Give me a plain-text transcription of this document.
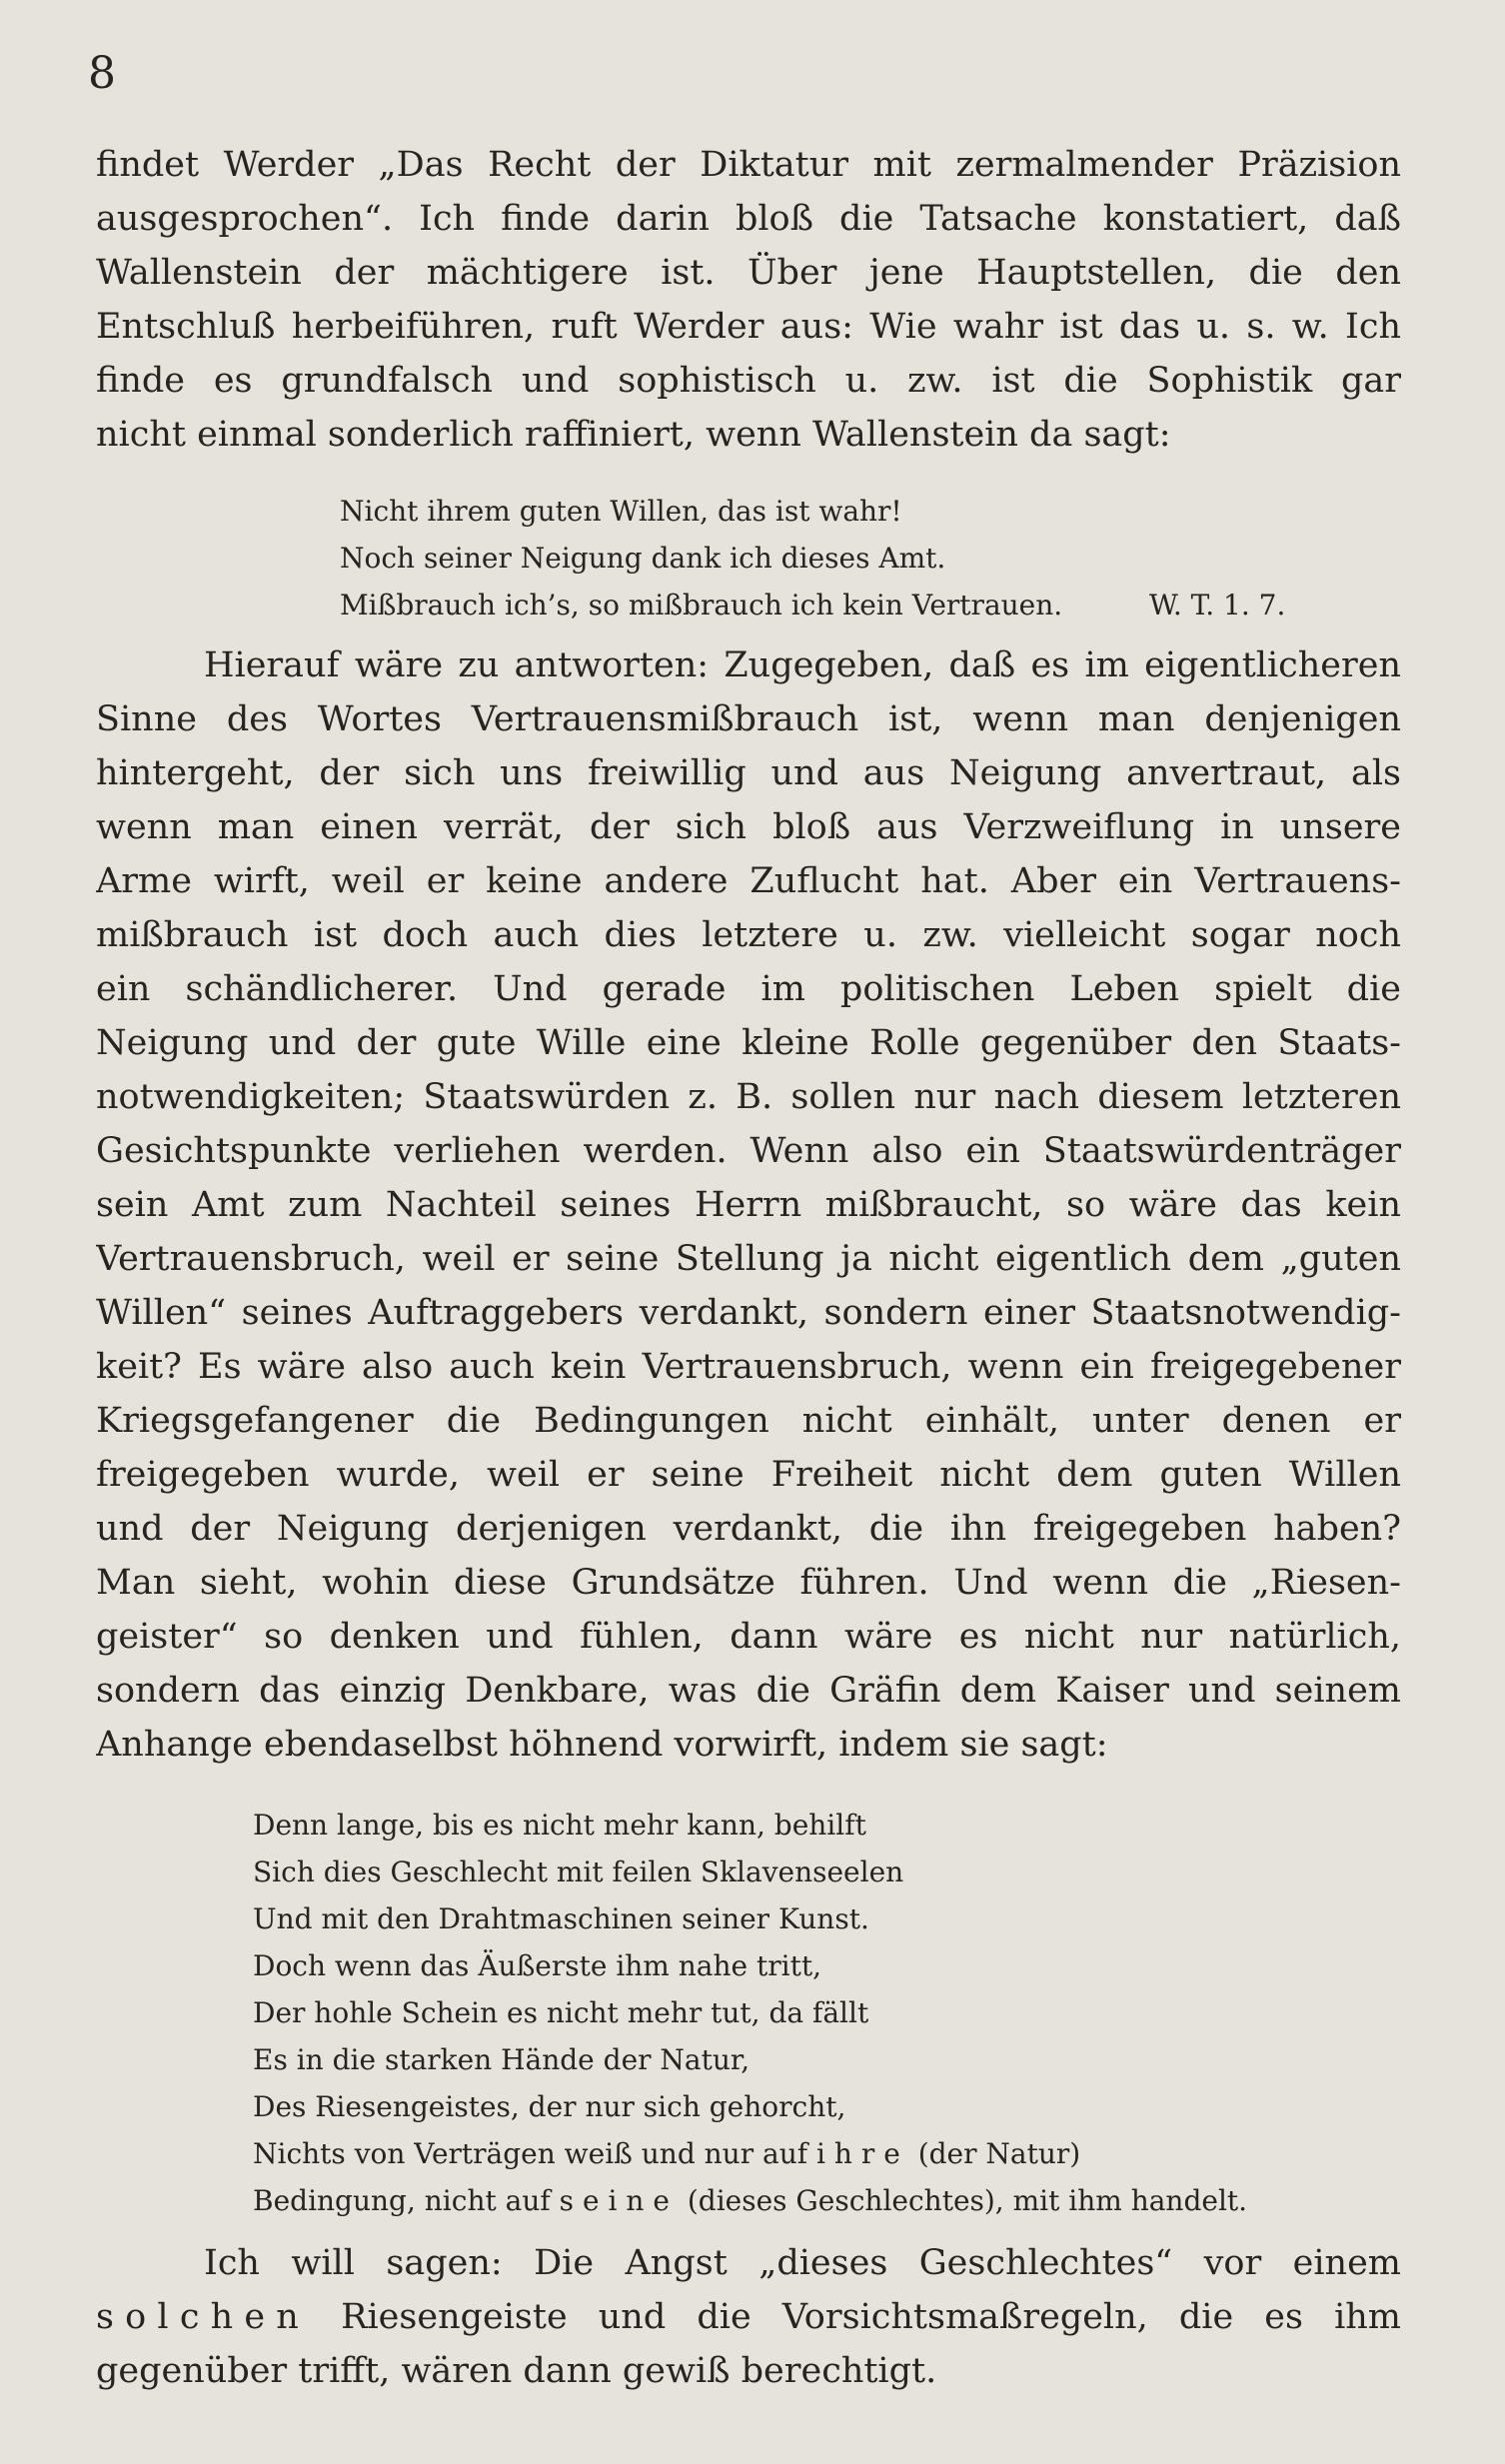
8

findet Werder „Das Recht der Diktatur mit zermalmender Präzision
ausgesprochen“. Ich finde darin bloß die Tatsache konstatiert, daß
Wallenstein der mächtigere ist. Über jene Hauptstellen, die den
Entschluß herbeiführen, ruft Werder aus: Wie wahr ist das u. s. w. Ich
finde es grundfalsch und sophistisch u. zw. ist die Sophistik gar
nicht einmal sonderlich raffiniert, wenn Wallenstein da sagt:

Nicht ihrem guten Willen, das ist wahr!
Noch seiner Neigung dank ich dieses Amt.
Mißbrauch ich’s, so mißbrauch ich kein Vertrauen.	W. T. 1. 7.

Hierauf wäre zu antworten: Zugegeben, daß es im eigentlicheren
Sinne des Wortes Vertrauensmißbrauch ist, wenn man denjenigen
hintergeht, der sich uns freiwillig und aus Neigung anvertraut, als
wenn man einen verrät, der sich bloß aus Verzweiflung in unsere
Arme wirft, weil er keine andere Zuflucht hat. Aber ein Vertrauens-
mißbrauch ist doch auch dies letztere u. zw. vielleicht sogar noch
ein schändlicherer. Und gerade im politischen Leben spielt die
Neigung und der gute Wille eine kleine Rolle gegenüber den Staats-
notwendigkeiten; Staatswürden z. B. sollen nur nach diesem letzteren
Gesichtspunkte verliehen werden. Wenn also ein Staatswürdenträger
sein Amt zum Nachteil seines Herrn mißbraucht, so wäre das kein
Vertrauensbruch, weil er seine Stellung ja nicht eigentlich dem „guten
Willen“ seines Auftraggebers verdankt, sondern einer Staatsnotwendig-
keit? Es wäre also auch kein Vertrauensbruch, wenn ein freigegebener
Kriegsgefangener die Bedingungen nicht einhält, unter denen er
freigegeben wurde, weil er seine Freiheit nicht dem guten Willen
und der Neigung derjenigen verdankt, die ihn freigegeben haben?
Man sieht, wohin diese Grundsätze führen. Und wenn die „Riesen-
geister“ so denken und fühlen, dann wäre es nicht nur natürlich,
sondern das einzig Denkbare, was die Gräfin dem Kaiser und seinem
Anhange ebendaselbst höhnend vorwirft, indem sie sagt:

Denn lange, bis es nicht mehr kann, behilft
Sich dies Geschlecht mit feilen Sklavenseelen
Und mit den Drahtmaschinen seiner Kunst.
Doch wenn das Äußerste ihm nahe tritt,
Der hohle Schein es nicht mehr tut, da fällt
Es in die starken Hände der Natur,
Des Riesengeistes, der nur sich gehorcht,
Nichts von Verträgen weiß und nur auf ihre (der Natur)
Bedingung, nicht auf seine (dieses Geschlechtes), mit ihm handelt.

Ich will sagen: Die Angst „dieses Geschlechtes“ vor einem
solchen Riesengeiste und die Vorsichtsmaßregeln, die es ihm
gegenüber trifft, wären dann gewiß berechtigt.
